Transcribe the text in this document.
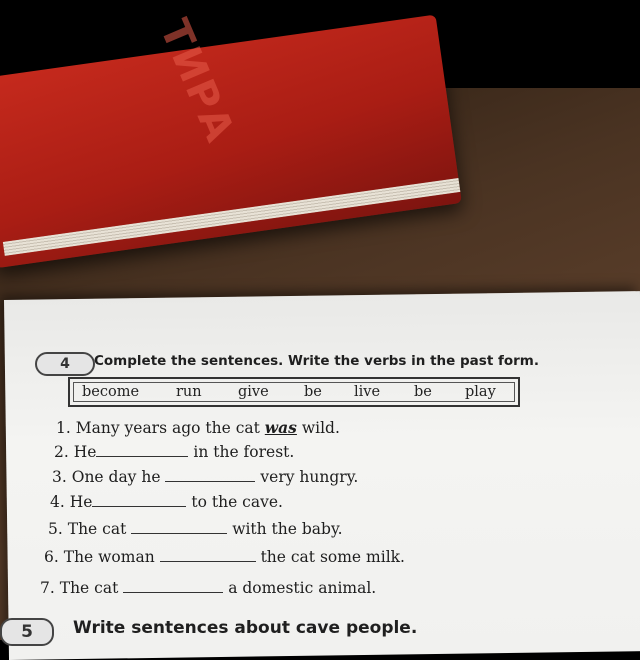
ТИРА
4	Complete the sentences. Write the verbs in the past form.
become	run	give be live be play
1. Many years ago the cat was wild.
2. He	in the forest.
3. One day he	very hungry.
4. He	to the cave.
5. The cat	with the baby.
6. The woman	the cat some milk.
7. The cat	a domestic animal.
5	Write sentences about cave people.
